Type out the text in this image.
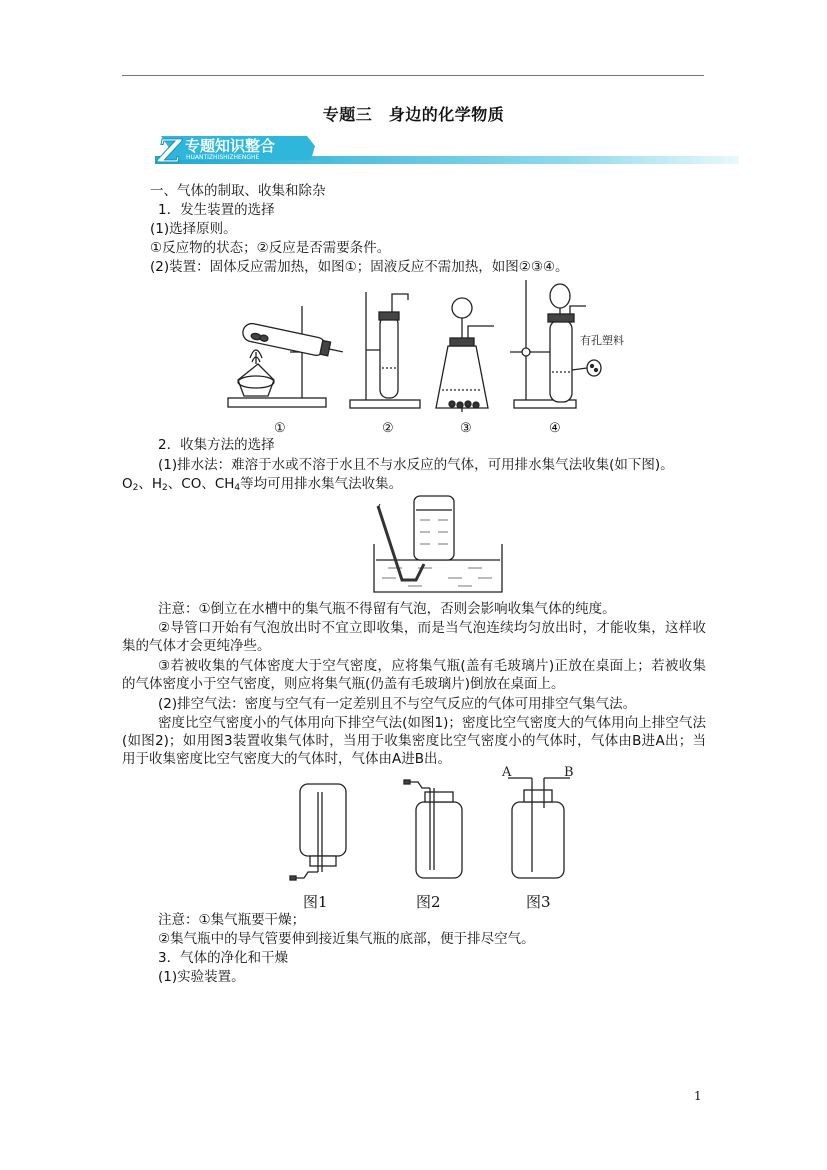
专题三　身边的化学物质
Z 专题知识整合
HUANTIZHISHIZHENGHE
一、气体的制取、收集和除杂
1．发生装置的选择
(1)选择原则。
①反应物的状态；②反应是否需要条件。
(2)装置：固体反应需加热，如图①；固液反应不需加热，如图②③④。
有孔塑料
①	②	③	④
2．收集方法的选择
(1)排水法：难溶于水或不溶于水且不与水反应的气体，可用排水集气法收集(如下图)。
$O_2$、$H_2$、CO、$CH_4$等均可用排水集气法收集。
注意：①倒立在水槽中的集气瓶不得留有气泡，否则会影响收集气体的纯度。
②导管口开始有气泡放出时不宜立即收集，而是当气泡连续均匀放出时，才能收集，这样收集的气体才会更纯净些。
③若被收集的气体密度大于空气密度，应将集气瓶(盖有毛玻璃片)正放在桌面上；若被收集的气体密度小于空气密度，则应将集气瓶(仍盖有毛玻璃片)倒放在桌面上。
(2)排空气法：密度与空气有一定差别且不与空气反应的气体可用排空气集气法。
密度比空气密度小的气体用向下排空气法(如图1)；密度比空气密度大的气体用向上排空气法(如图2)；如用图3装置收集气体时，当用于收集密度比空气密度小的气体时，气体由B进A出；当用于收集密度比空气密度大的气体时，气体由A进B出。
A	B
图1	图2	图3
注意：①集气瓶要干燥；
②集气瓶中的导气管要伸到接近集气瓶的底部，便于排尽空气。
3．气体的净化和干燥
(1)实验装置。
1
